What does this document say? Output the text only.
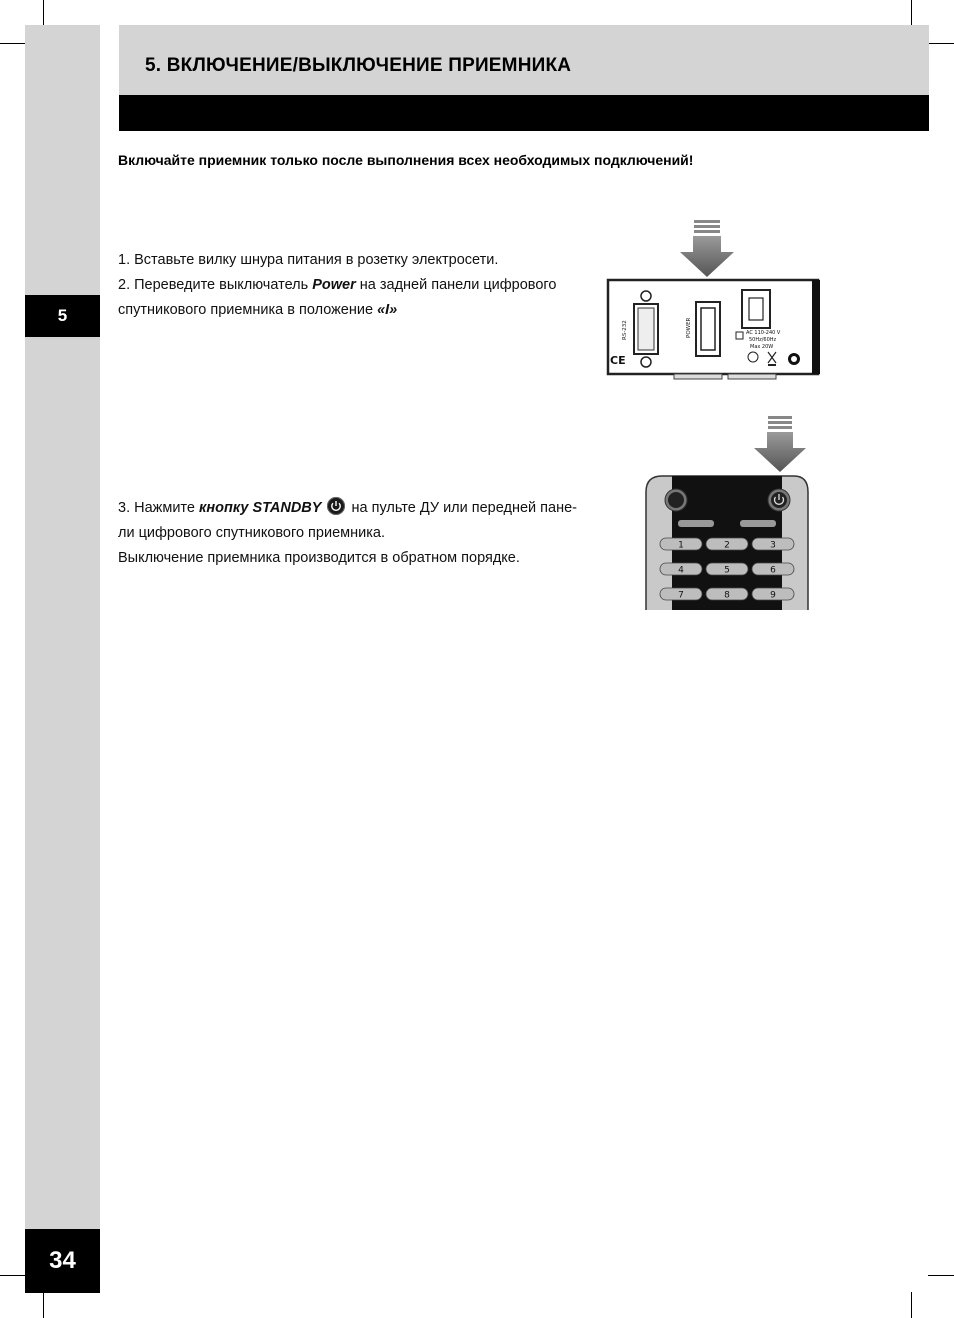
5
34
5. ВКЛЮЧЕНИЕ/ВЫКЛЮЧЕНИЕ ПРИЕМНИКА
Включайте приемник только после выполнения всех необходимых подключений!

1. Вставьте вилку шнура питания в розетку электросети.

2. Переведите выключатель Power на задней панели цифрового

спутникового приемника в положение «I»

3. Нажмите кнопку STANDBY
на пульте ДУ или передней пане-

ли цифрового спутникового приемника.

Выключение приемника производится в обратном порядке.

RS-232	POWER	AC 110-240 V
50Hz/60Hz
Max 20W
CE
1	2	3
4	5	6
7	8	9
